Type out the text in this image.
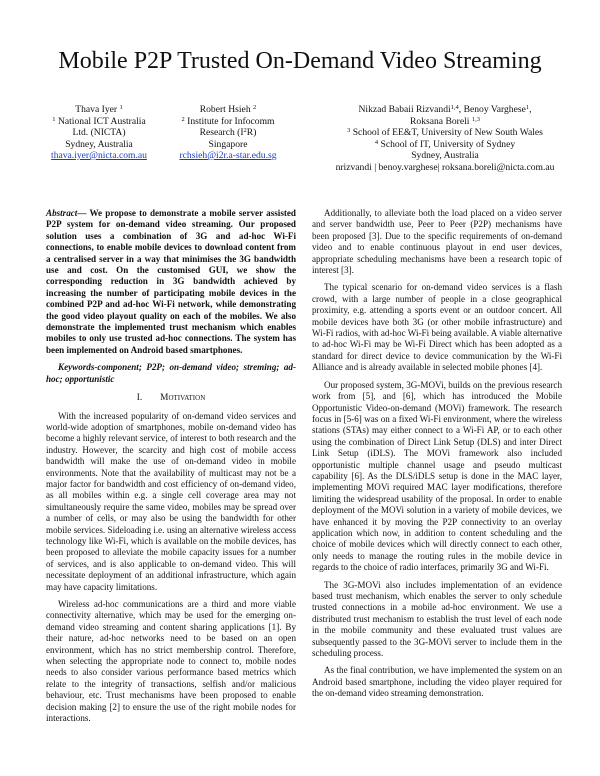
Mobile P2P Trusted On-Demand Video Streaming
Thava Iyer $^1$
$^1$ National ICT Australia
Ltd. (NICTA)
Sydney, Australia
thava.iyer@nicta.com.au
Robert Hsieh $^2$
$^2$ Institute for Infocomm
Research $(I^2R)$
Singapore
rchsieh@i2r.a-star.edu.sg
Nikzad Babaii Rizvandi$^{1,4}$, Benoy Varghese$^1$,
Roksana Boreli $^{1,3}$
$^3$ School of EE&T, University of New South Wales
$^4$ School of IT, University of Sydney
Sydney, Australia
nrizvandi | benoy.varghese| roksana.boreli@nicta.com.au

Abstract— We propose to demonstrate a mobile server assisted P2P system for on-demand video streaming. Our proposed solution uses a combination of 3G and ad-hoc Wi-Fi connections, to enable mobile devices to download content from a centralised server in a way that minimises the 3G bandwidth use and cost. On the customised GUI, we show the corresponding reduction in 3G bandwidth achieved by increasing the number of participating mobile devices in the combined P2P and ad-hoc Wi-Fi network, while demonstrating the good video playout quality on each of the mobiles. We also demonstrate the implemented trust mechanism which enables mobiles to only use trusted ad-hoc connections. The system has been implemented on Android based smartphones.

Keywords-component; P2P; on-demand video; streming; ad-hoc; opportunistic

I. Motivation

With the increased popularity of on-demand video services and world-wide adoption of smartphones, mobile on-demand video has become a highly relevant service, of interest to both research and the industry. However, the scarcity and high cost of mobile access bandwidth will make the use of on-demand video in mobile environments. Note that the availability of multicast may not be a major factor for bandwidth and cost efficiency of on-demand video, as all mobiles within e.g. a single cell coverage area may not simultaneously require the same video, mobiles may be spread over a number of cells, or may also be using the bandwidth for other mobile services. Sideloading i.e. using an alternative wireless access technology like Wi-Fi, which is available on the mobile devices, has been proposed to alleviate the mobile capacity issues for a number of services, and is also applicable to on-demand video. This will necessitate deployment of an additional infrastructure, which again may have capacity limitations.

Wireless ad-hoc communications are a third and more viable connectivity alternative, which may be used for the emerging on-demand video streaming and content sharing applications [1]. By their nature, ad-hoc networks need to be based on an open environment, which has no strict membership control. Therefore, when selecting the appropriate node to connect to, mobile nodes needs to also consider various performance based metrics which relate to the integrity of transactions, selfish and/or malicious behaviour, etc. Trust mechanisms have been proposed to enable decision making [2] to ensure the use of the right mobile nodes for interactions.

Additionally, to alleviate both the load placed on a video server and server bandwidth use, Peer to Peer (P2P) mechanisms have been proposed [3]. Due to the specific requirements of on-demand video and to enable continuous playout in end user devices, appropriate scheduling mechanisms have been a research topic of interest [3].

The typical scenario for on-demand video services is a flash crowd, with a large number of people in a close geographical proximity, e.g. attending a sports event or an outdoor concert. All mobile devices have both 3G (or other mobile infrastructure) and Wi-Fi radios, with ad-hoc Wi-Fi being available. A viable alternative to ad-hoc Wi-Fi may be Wi-Fi Direct which has been adopted as a standard for direct device to device communication by the Wi-Fi Alliance and is already available in selected mobile phones [4].

Our proposed system, 3G-MOVi, builds on the previous research work from [5], and [6], which has introduced the Mobile Opportunistic Video-on-demand (MOVi) framework. The research focus in [5-6] was on a fixed Wi-Fi environment, where the wireless stations (STAs) may either connect to a Wi-Fi AP, or to each other using the combination of Direct Link Setup (DLS) and inter Direct Link Setup (iDLS). The MOVi framework also included opportunistic multiple channel usage and pseudo multicast capability [6]. As the DLS/iDLS setup is done in the MAC layer, implementing MOVi required MAC layer modifications, therefore limiting the widespread usability of the proposal. In order to enable deployment of the MOVi solution in a variety of mobile devices, we have enhanced it by moving the P2P connectivity to an overlay application which now, in addition to content scheduling and the choice of mobile devices which will directly connect to each other, only needs to manage the routing rules in the mobile device in regards to the choice of radio interfaces, primarily 3G and Wi-Fi.

The 3G-MOVi also includes implementation of an evidence based trust mechanism, which enables the server to only schedule trusted connections in a mobile ad-hoc environment. We use a distributed trust mechanism to establish the trust level of each node in the mobile community and these evaluated trust values are subsequently passed to the 3G-MOVi server to include them in the scheduling process.

As the final contribution, we have implemented the system on an Android based smartphone, including the video player required for the on-demand video streaming demonstration.
